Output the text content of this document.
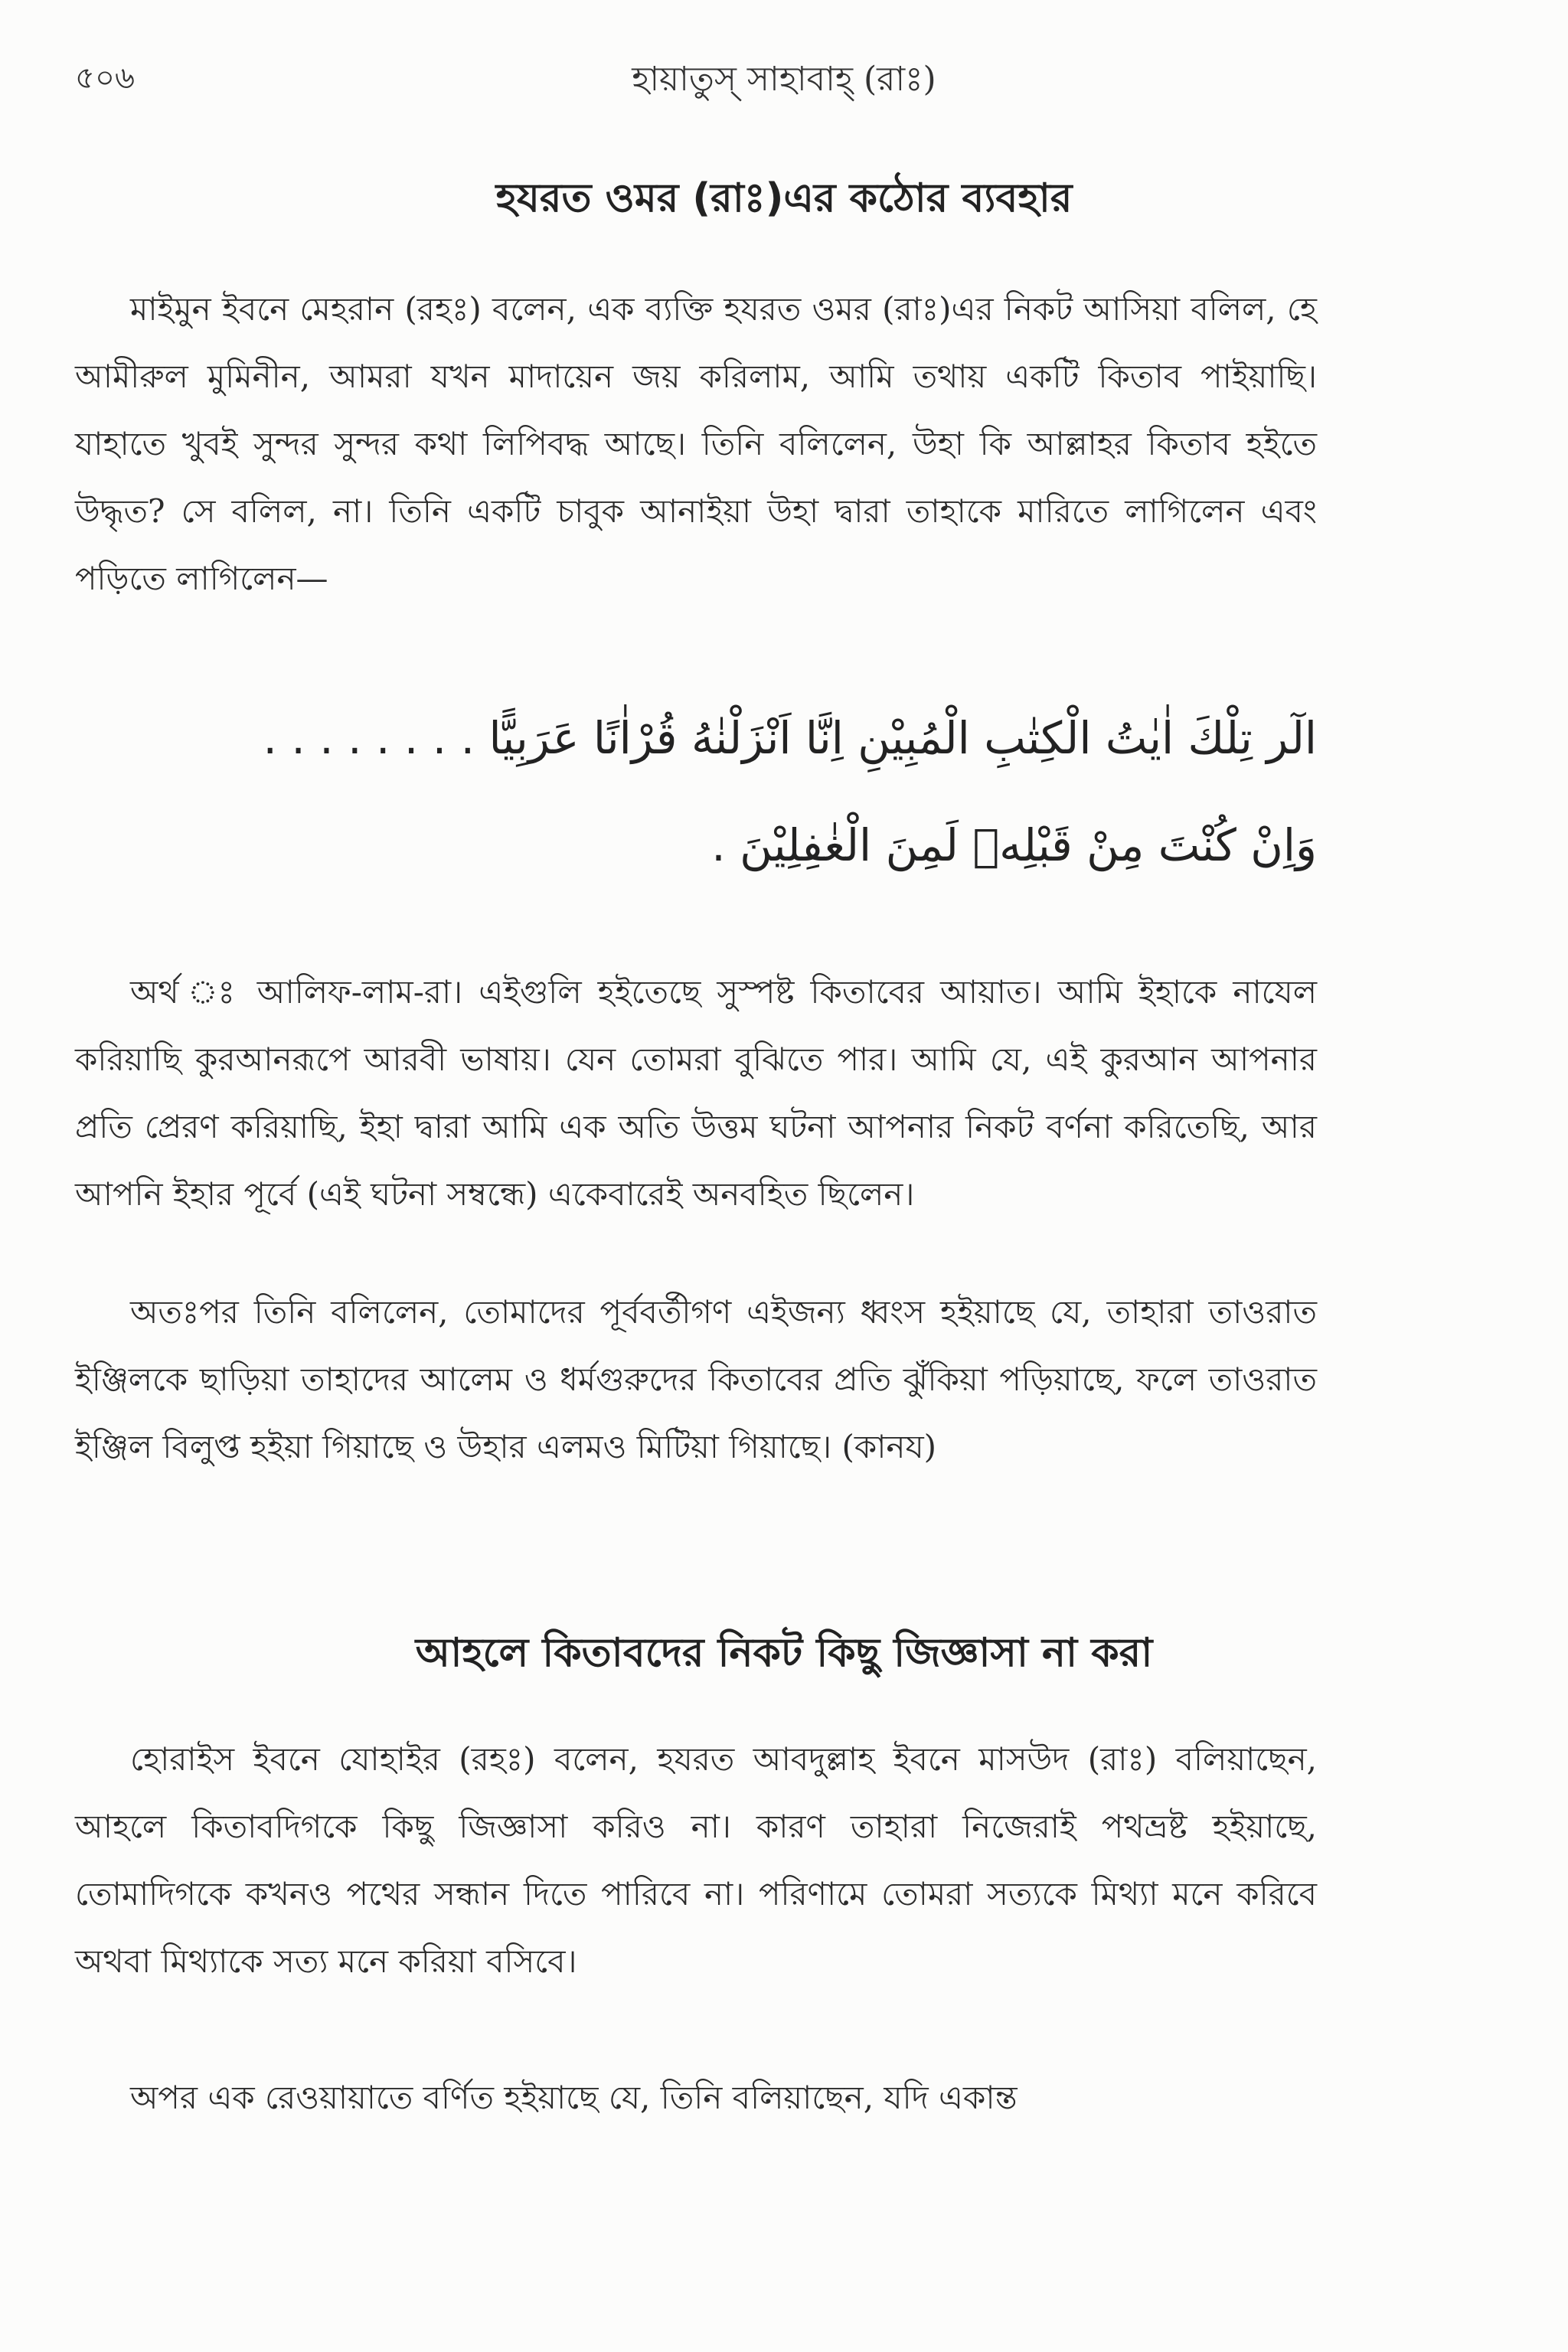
৫০৬	হায়াতুস্ সাহাবাহ্ (রাঃ)
হযরত ওমর (রাঃ)এর কঠোর ব্যবহার

মাইমুন ইবনে মেহরান (রহঃ) বলেন, এক ব্যক্তি হযরত ওমর (রাঃ)এর নিকট আসিয়া বলিল, হে আমীরুল মুমিনীন, আমরা যখন মাদায়েন জয় করিলাম, আমি তথায় একটি কিতাব পাইয়াছি। যাহাতে খুবই সুন্দর সুন্দর কথা লিপিবদ্ধ আছে। তিনি বলিলেন, উহা কি আল্লাহর কিতাব হইতে উদ্ধৃত? সে বলিল, না। তিনি একটি চাবুক আনাইয়া উহা দ্বারা তাহাকে মারিতে লাগিলেন এবং পড়িতে লাগিলেন—

الٓر تِلْكَ اٰيٰتُ الْكِتٰبِ الْمُبِيْنِ اِنَّا اَنْزَلْنٰهُ قُرْاٰنًا عَرَبِيًّا . . . . . . . .
وَاِنْ كُنْتَ مِنْ قَبْلِهٖ لَمِنَ الْغٰفِلِيْنَ .

অর্থ ঃ আলিফ-লাম-রা। এইগুলি হইতেছে সুস্পষ্ট কিতাবের আয়াত। আমি ইহাকে নাযেল করিয়াছি কুরআনরূপে আরবী ভাষায়। যেন তোমরা বুঝিতে পার। আমি যে, এই কুরআন আপনার প্রতি প্রেরণ করিয়াছি, ইহা দ্বারা আমি এক অতি উত্তম ঘটনা আপনার নিকট বর্ণনা করিতেছি, আর আপনি ইহার পূর্বে (এই ঘটনা সম্বন্ধে) একেবারেই অনবহিত ছিলেন।

অতঃপর তিনি বলিলেন, তোমাদের পূর্ববর্তীগণ এইজন্য ধ্বংস হইয়াছে যে, তাহারা তাওরাত ইঞ্জিলকে ছাড়িয়া তাহাদের আলেম ও ধর্মগুরুদের কিতাবের প্রতি ঝুঁকিয়া পড়িয়াছে, ফলে তাওরাত ইঞ্জিল বিলুপ্ত হইয়া গিয়াছে ও উহার এলমও মিটিয়া গিয়াছে। (কানয)

আহলে কিতাবদের নিকট কিছু জিজ্ঞাসা না করা

হোরাইস ইবনে যোহাইর (রহঃ) বলেন, হযরত আবদুল্লাহ ইবনে মাসউদ (রাঃ) বলিয়াছেন, আহলে কিতাবদিগকে কিছু জিজ্ঞাসা করিও না। কারণ তাহারা নিজেরাই পথভ্রষ্ট হইয়াছে, তোমাদিগকে কখনও পথের সন্ধান দিতে পারিবে না। পরিণামে তোমরা সত্যকে মিথ্যা মনে করিবে অথবা মিথ্যাকে সত্য মনে করিয়া বসিবে।

অপর এক রেওয়ায়াতে বর্ণিত হইয়াছে যে, তিনি বলিয়াছেন, যদি একান্ত
